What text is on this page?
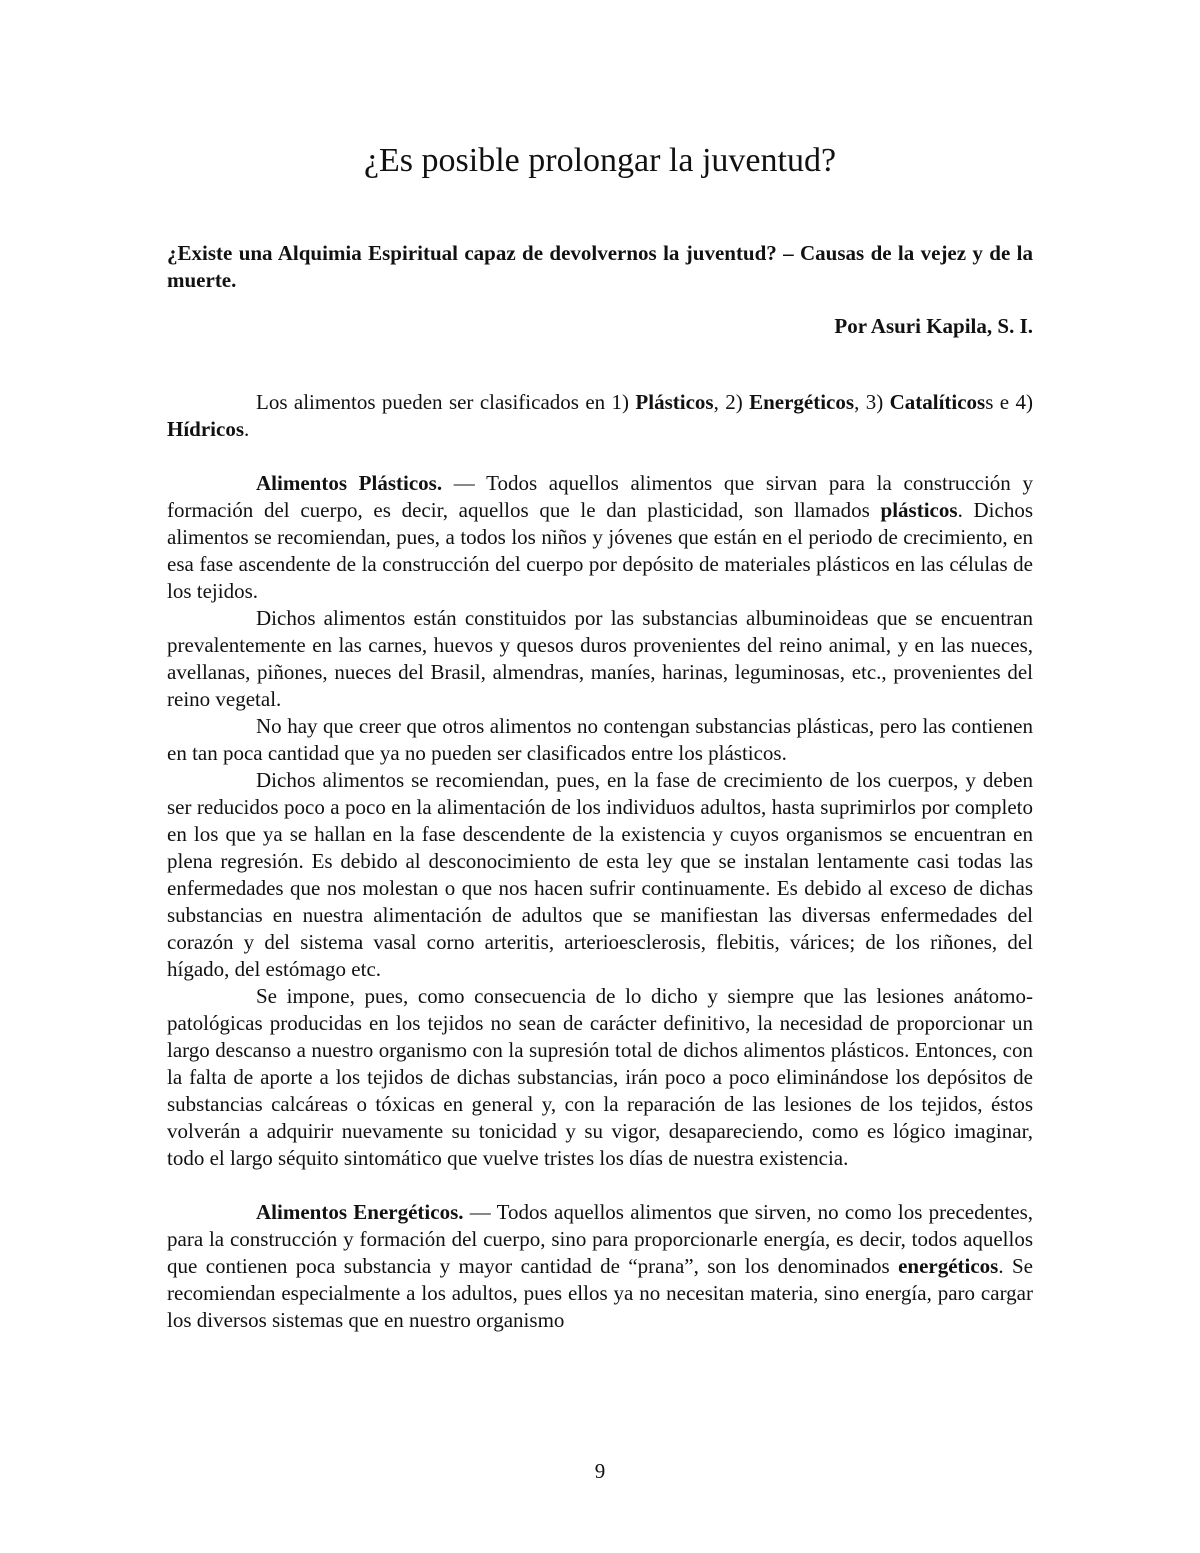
¿Es posible prolongar la juventud?

¿Existe una Alquimia Espiritual capaz de devolvernos la juventud? – Causas de la vejez y de la muerte.

Por Asuri Kapila, S. I.

Los alimentos pueden ser clasificados en 1) Plásticos, 2) Energéticos, 3) Catalíticoss e 4) Hídricos.

Alimentos Plásticos. — Todos aquellos alimentos que sirvan para la construcción y formación del cuerpo, es decir, aquellos que le dan plasticidad, son llamados plásticos. Dichos alimentos se recomiendan, pues, a todos los niños y jóvenes que están en el periodo de crecimiento, en esa fase ascendente de la construcción del cuerpo por depósito de materiales plásticos en las células de los tejidos.

Dichos alimentos están constituidos por las substancias albuminoideas que se encuentran prevalentemente en las carnes, huevos y quesos duros provenientes del reino animal, y en las nueces, avellanas, piñones, nueces del Brasil, almendras, maníes, harinas, leguminosas, etc., provenientes del reino vegetal.

No hay que creer que otros alimentos no contengan substancias plásticas, pero las contienen en tan poca cantidad que ya no pueden ser clasificados entre los plásticos.

Dichos alimentos se recomiendan, pues, en la fase de crecimiento de los cuerpos, y deben ser reducidos poco a poco en la alimentación de los individuos adultos, hasta suprimirlos por completo en los que ya se hallan en la fase descendente de la existencia y cuyos organismos se encuentran en plena regresión. Es debido al desconocimiento de esta ley que se instalan lentamente casi todas las enfermedades que nos molestan o que nos hacen sufrir continuamente. Es debido al exceso de dichas substancias en nuestra alimentación de adultos que se manifiestan las diversas enfermedades del corazón y del sistema vasal corno arteritis, arterioesclerosis, flebitis, várices; de los riñones, del hígado, del estómago etc.

Se impone, pues, como consecuencia de lo dicho y siempre que las lesiones anátomo-patológicas producidas en los tejidos no sean de carácter definitivo, la necesidad de proporcionar un largo descanso a nuestro organismo con la supresión total de dichos alimentos plásticos. Entonces, con la falta de aporte a los tejidos de dichas substancias, irán poco a poco eliminándose los depósitos de substancias calcáreas o tóxicas en general y, con la reparación de las lesiones de los tejidos, éstos volverán a adquirir nuevamente su tonicidad y su vigor, desapareciendo, como es lógico imaginar, todo el largo séquito sintomático que vuelve tristes los días de nuestra existencia.

Alimentos Energéticos. — Todos aquellos alimentos que sirven, no como los precedentes, para la construcción y formación del cuerpo, sino para proporcionarle energía, es decir, todos aquellos que contienen poca substancia y mayor cantidad de “prana”, son los denominados energéticos. Se recomiendan especialmente a los adultos, pues ellos ya no necesitan materia, sino energía, paro cargar los diversos sistemas que en nuestro organismo

9
